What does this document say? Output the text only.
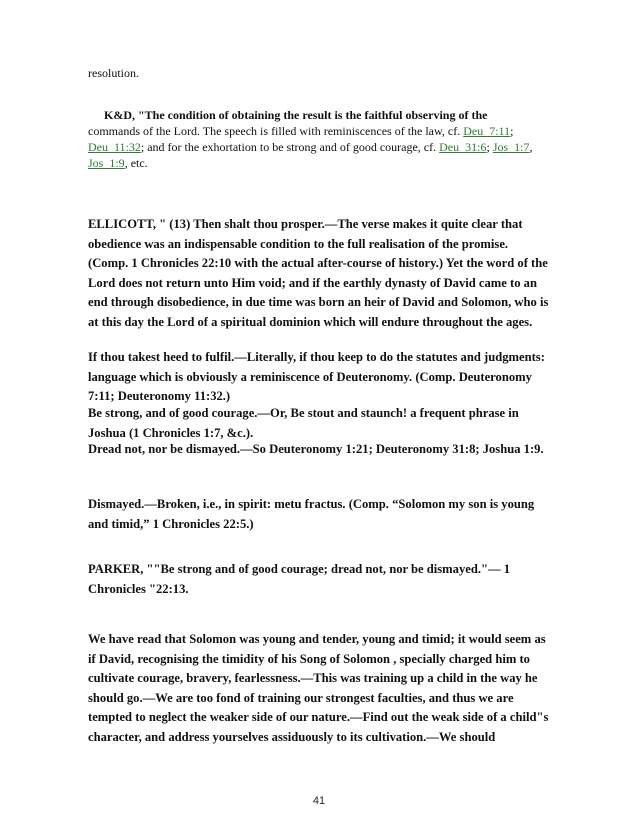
resolution.

K&D, "The condition of obtaining the result is the faithful observing of the
commands of the Lord. The speech is filled with reminiscences of the law, cf. Deu_7:11; Deu_11:32; and for the exhortation to be strong and of good courage, cf. Deu_31:6; Jos_1:7, Jos_1:9, etc.

ELLICOTT, " (13) Then shalt thou prosper.—The verse makes it quite clear that obedience was an indispensable condition to the full realisation of the promise. (Comp. 1 Chronicles 22:10 with the actual after-course of history.) Yet the word of the Lord does not return unto Him void; and if the earthly dynasty of David came to an end through disobedience, in due time was born an heir of David and Solomon, who is at this day the Lord of a spiritual dominion which will endure throughout the ages.

If thou takest heed to fulfil.—Literally, if thou keep to do the statutes and judgments: language which is obviously a reminiscence of Deuteronomy. (Comp. Deuteronomy 7:11; Deuteronomy 11:32.)

Be strong, and of good courage.—Or, Be stout and staunch! a frequent phrase in Joshua (1 Chronicles 1:7, &c.).

Dread not, nor be dismayed.—So Deuteronomy 1:21; Deuteronomy 31:8; Joshua 1:9.

Dismayed.—Broken, i.e., in spirit: metu fractus. (Comp. “Solomon my son is young and timid,” 1 Chronicles 22:5.)

PARKER, ""Be strong and of good courage; dread not, nor be dismayed."— 1 Chronicles "22:13.

We have read that Solomon was young and tender, young and timid; it would seem as if David, recognising the timidity of his Song of Solomon , specially charged him to cultivate courage, bravery, fearlessness.—This was training up a child in the way he should go.—We are too fond of training our strongest faculties, and thus we are tempted to neglect the weaker side of our nature.—Find out the weak side of a child"s character, and address yourselves assiduously to its cultivation.—We should

41
